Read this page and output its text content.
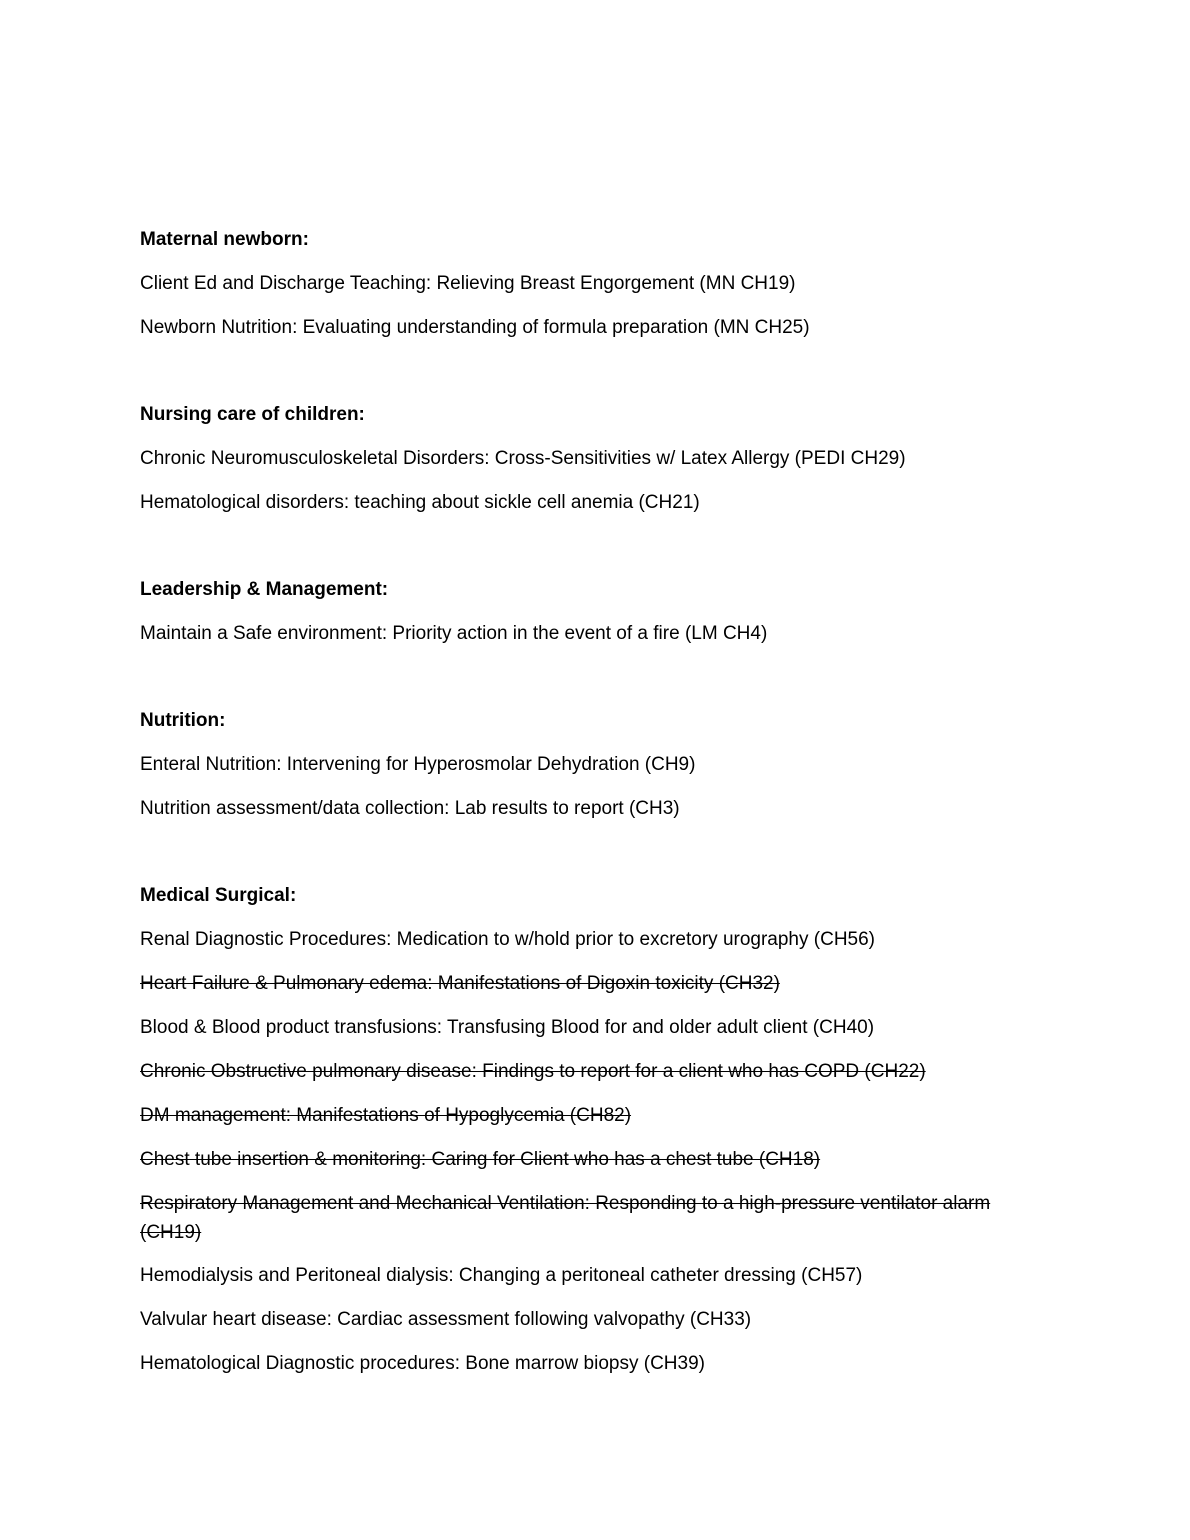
Maternal newborn:
Client Ed and Discharge Teaching: Relieving Breast Engorgement (MN CH19)
Newborn Nutrition: Evaluating understanding of formula preparation (MN CH25)
Nursing care of children:
Chronic Neuromusculoskeletal Disorders: Cross-Sensitivities w/ Latex Allergy (PEDI CH29)
Hematological disorders: teaching about sickle cell anemia (CH21)
Leadership & Management:
Maintain a Safe environment: Priority action in the event of a fire (LM CH4)
Nutrition:
Enteral Nutrition: Intervening for Hyperosmolar Dehydration (CH9)
Nutrition assessment/data collection: Lab results to report (CH3)
Medical Surgical:
Renal Diagnostic Procedures: Medication to w/hold prior to excretory urography (CH56)
Heart Failure & Pulmonary edema: Manifestations of Digoxin toxicity (CH32)
Blood & Blood product transfusions: Transfusing Blood for and older adult client (CH40)
Chronic Obstructive pulmonary disease: Findings to report for a client who has COPD (CH22)
DM management: Manifestations of Hypoglycemia (CH82)
Chest tube insertion & monitoring: Caring for Client who has a chest tube (CH18)
Respiratory Management and Mechanical Ventilation: Responding to a high-pressure ventilator alarm (CH19)
Hemodialysis and Peritoneal dialysis: Changing a peritoneal catheter dressing (CH57)
Valvular heart disease: Cardiac assessment following valvopathy (CH33)
Hematological Diagnostic procedures: Bone marrow biopsy (CH39)
